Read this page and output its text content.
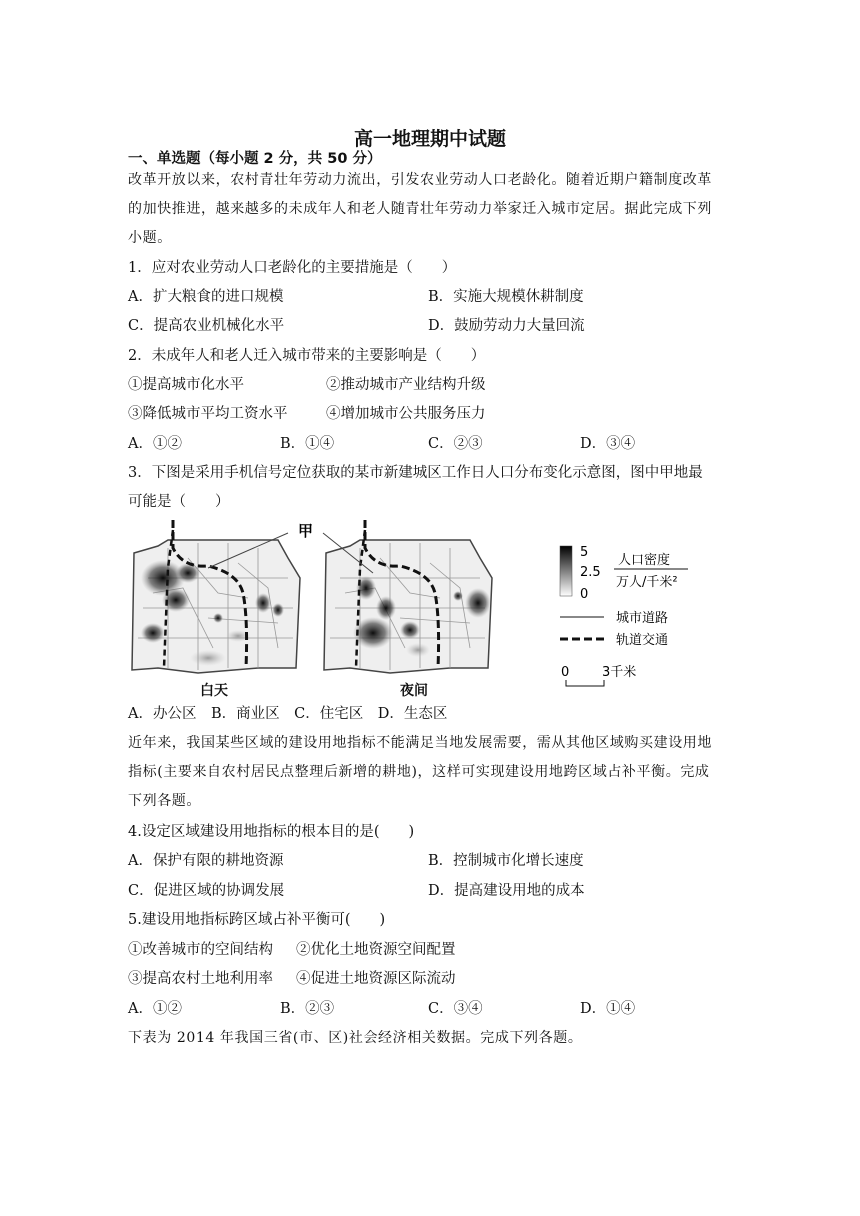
高一地理期中试题
一、单选题（每小题 2 分，共 50 分）
改革开放以来，农村青壮年劳动力流出，引发农业劳动人口老龄化。随着近期户籍制度改革
的加快推进，越来越多的未成年人和老人随青壮年劳动力举家迁入城市定居。据此完成下列
小题。
1．应对农业劳动人口老龄化的主要措施是（　　）
A．扩大粮食的进口规模	B．实施大规模休耕制度
C．提高农业机械化水平	D．鼓励劳动力大量回流
2．未成年人和老人迁入城市带来的主要影响是（　　）
①提高城市化水平	②推动城市产业结构升级
③降低城市平均工资水平	④增加城市公共服务压力
A．①②	B．①④	C．②③	D．③④
3．下图是采用手机信号定位获取的某市新建城区工作日人口分布变化示意图，图中甲地最
可能是（　　）
甲
5
2.5
0
人口密度
万人/千米²
城市道路
轨道交通
0	3千米
白天	夜间
A．办公区　B．商业区　C．住宅区　D．生态区
近年来，我国某些区域的建设用地指标不能满足当地发展需要，需从其他区域购买建设用地
指标(主要来自农村居民点整理后新增的耕地)，这样可实现建设用地跨区域占补平衡。完成
下列各题。
4.设定区域建设用地指标的根本目的是(　　)
A．保护有限的耕地资源	B．控制城市化增长速度
C．促进区域的协调发展	D．提高建设用地的成本
5.建设用地指标跨区域占补平衡可(　　)
①改善城市的空间结构 ②优化土地资源空间配置
③提高农村土地利用率 ④促进土地资源区际流动
A．①②	B．②③	C．③④	D．①④
下表为 2014 年我国三省(市、区)社会经济相关数据。完成下列各题。
